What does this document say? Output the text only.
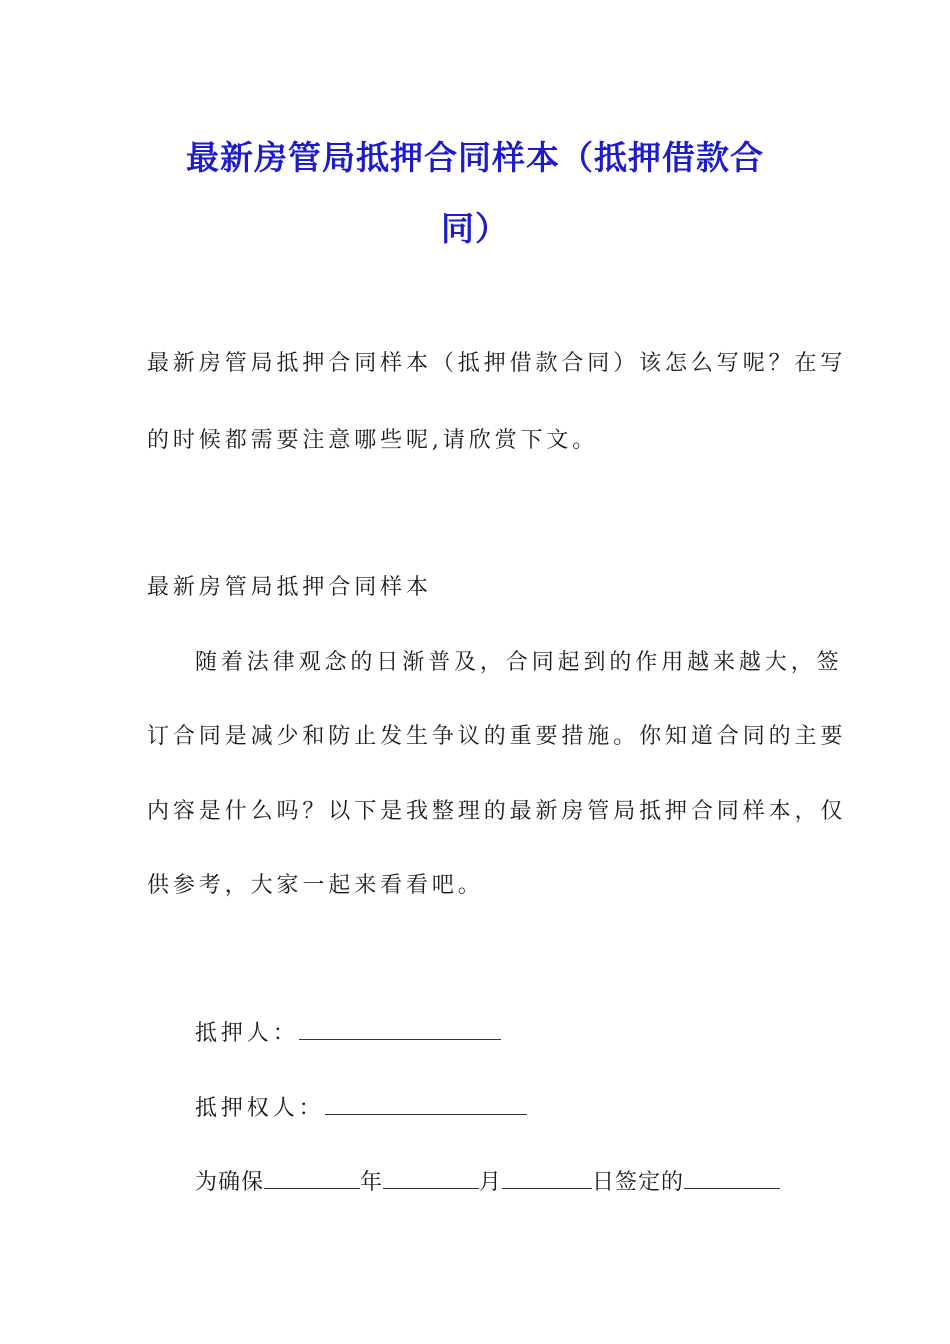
最新房管局抵押合同样本（抵押借款合
同）

最新房管局抵押合同样本（抵押借款合同）该怎么写呢？在写

的时候都需要注意哪些呢,请欣赏下文。

最新房管局抵押合同样本

随着法律观念的日渐普及，合同起到的作用越来越大，签

订合同是减少和防止发生争议的重要措施。你知道合同的主要

内容是什么吗？以下是我整理的最新房管局抵押合同样本，仅

供参考，大家一起来看看吧。

抵押人：

抵押权人：

为确保	年	月	日签定的
